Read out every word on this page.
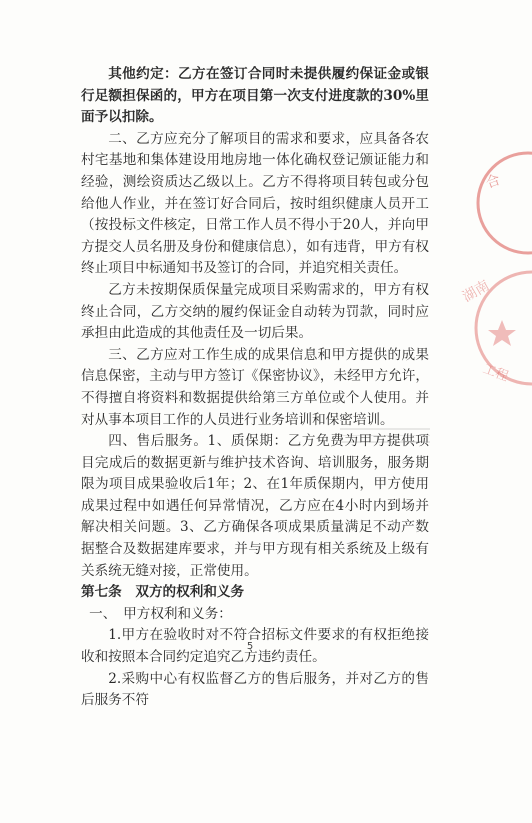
其他约定：乙方在签订合同时未提供履约保证金或银行足额担保函的，甲方在项目第一次支付进度款的30%里面予以扣除。

二、乙方应充分了解项目的需求和要求，应具备各农村宅基地和集体建设用地房地一体化确权登记颁证能力和经验，测绘资质达乙级以上。乙方不得将项目转包或分包给他人作业，并在签订好合同后，按时组织健康人员开工（按投标文件核定，日常工作人员不得小于20人，并向甲方提交人员名册及身份和健康信息），如有违背，甲方有权终止项目中标通知书及签订的合同，并追究相关责任。

乙方未按期保质保量完成项目采购需求的，甲方有权终止合同，乙方交纳的履约保证金自动转为罚款，同时应承担由此造成的其他责任及一切后果。

三、乙方应对工作生成的成果信息和甲方提供的成果信息保密，主动与甲方签订《保密协议》，未经甲方允许，不得擅自将资料和数据提供给第三方单位或个人使用。并对从事本项目工作的人员进行业务培训和保密培训。

四、售后服务。1、质保期：乙方免费为甲方提供项目完成后的数据更新与维护技术咨询、培训服务，服务期限为项目成果验收后1年；2、在1年质保期内，甲方使用成果过程中如遇任何异常情况，乙方应在4小时内到场并解决相关问题。3、乙方确保各项成果质量满足不动产数据整合及数据建库要求，并与甲方现有相关系统及上级有关系统无缝对接，正常使用。

第七条　双方的权利和义务

一、　甲方权利和义务：

1.甲方在验收时对不符合招标文件要求的有权拒绝接收和按照本合同约定追究乙方违约责任。

2.采购中心有权监督乙方的售后服务，并对乙方的售后服务不符

5
合
湖南
工程
